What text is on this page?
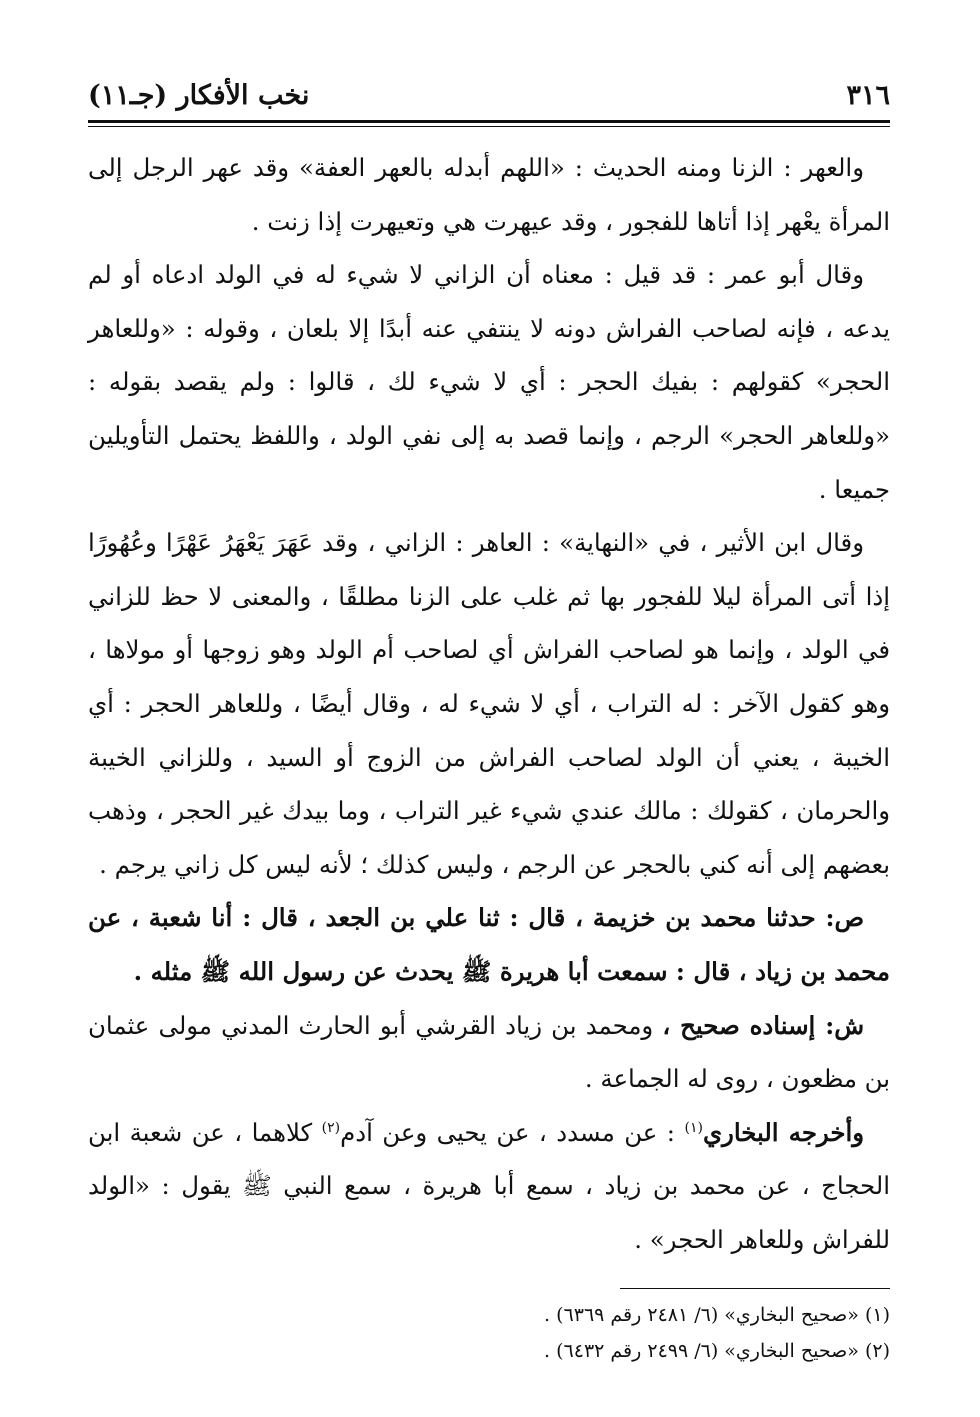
٣١٦
نخب الأفكار (جـ١١)

والعهر : الزنا ومنه الحديث : «اللهم أبدله بالعهر العفة» وقد عهر الرجل إلى المرأة يعْهر إذا أتاها للفجور ، وقد عيهرت هي وتعيهرت إذا زنت .

وقال أبو عمر : قد قيل : معناه أن الزاني لا شيء له في الولد ادعاه أو لم يدعه ، فإنه لصاحب الفراش دونه لا ينتفي عنه أبدًا إلا بلعان ، وقوله : «وللعاهر الحجر» كقولهم : بفيك الحجر : أي لا شيء لك ، قالوا : ولم يقصد بقوله : «وللعاهر الحجر» الرجم ، وإنما قصد به إلى نفي الولد ، واللفظ يحتمل التأويلين جميعا .

وقال ابن الأثير ، في «النهاية» : العاهر : الزاني ، وقد عَهَرَ يَعْهَرُ عَهْرًا وعُهُورًا إذا أتى المرأة ليلا للفجور بها ثم غلب على الزنا مطلقًا ، والمعنى لا حظ للزاني في الولد ، وإنما هو لصاحب الفراش أي لصاحب أم الولد وهو زوجها أو مولاها ، وهو كقول الآخر : له التراب ، أي لا شيء له ، وقال أيضًا ، وللعاهر الحجر : أي الخيبة ، يعني أن الولد لصاحب الفراش من الزوج أو السيد ، وللزاني الخيبة والحرمان ، كقولك : مالك عندي شيء غير التراب ، وما بيدك غير الحجر ، وذهب بعضهم إلى أنه كني بالحجر عن الرجم ، وليس كذلك ؛ لأنه ليس كل زاني يرجم .

ص: حدثنا محمد بن خزيمة ، قال : ثنا علي بن الجعد ، قال : أنا شعبة ، عن محمد بن زياد ، قال : سمعت أبا هريرة ﷺ يحدث عن رسول الله ﷺ مثله .

ش: إسناده صحيح ، ومحمد بن زياد القرشي أبو الحارث المدني مولى عثمان بن مظعون ، روى له الجماعة .

وأخرجه البخاري$^{(١)}$ : عن مسدد ، عن يحيى وعن آدم$^{(٢)}$ كلاهما ، عن شعبة ابن الحجاج ، عن محمد بن زياد ، سمع أبا هريرة ، سمع النبي ﷺ يقول : «الولد للفراش وللعاهر الحجر» .

(١) «صحيح البخاري» (٦/ ٢٤٨١ رقم ٦٣٦٩) .
(٢) «صحيح البخاري» (٦/ ٢٤٩٩ رقم ٦٤٣٢) .
